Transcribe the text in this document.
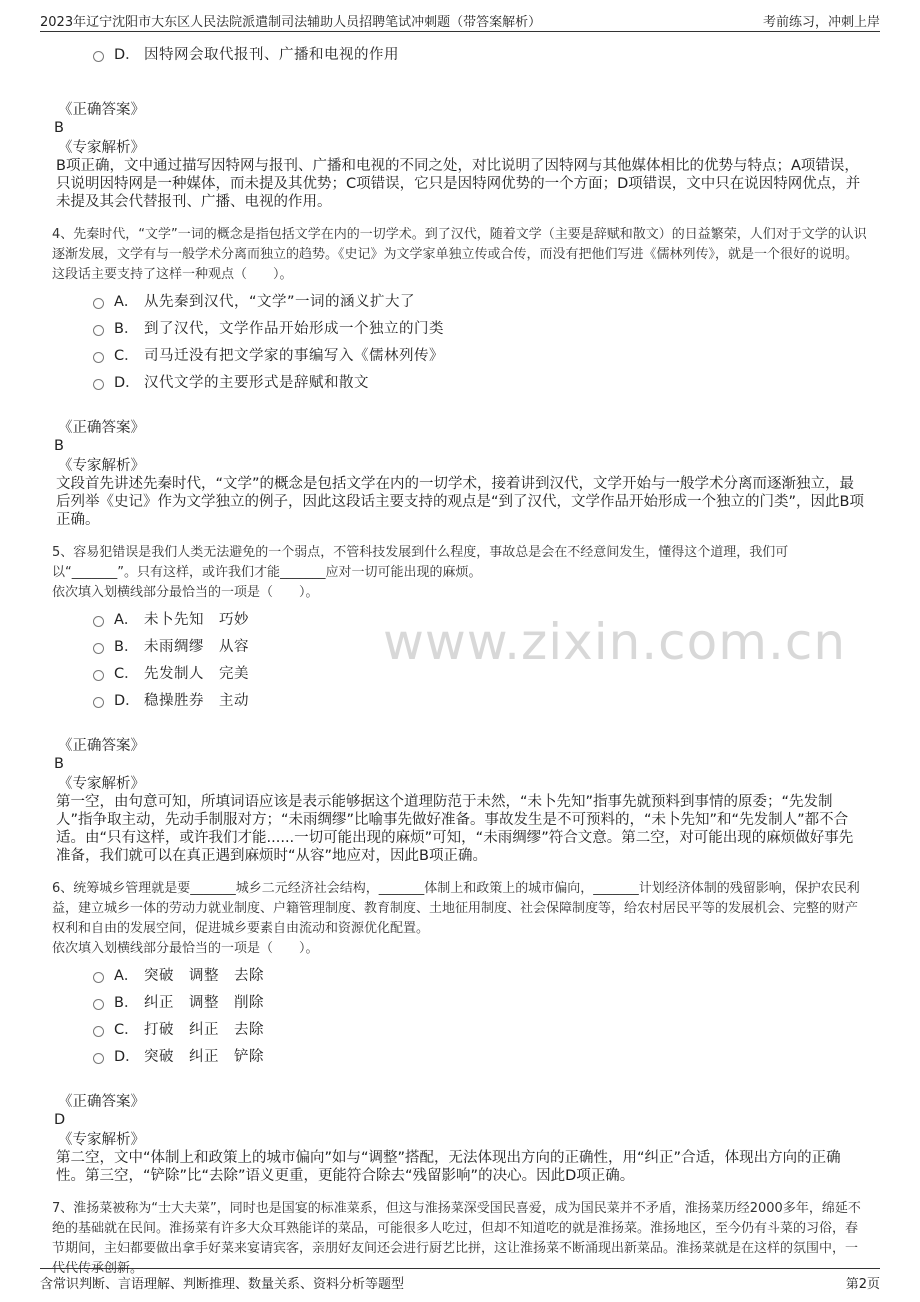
2023年辽宁沈阳市大东区人民法院派遣制司法辅助人员招聘笔试冲刺题（带答案解析）	考前练习，冲刺上岸
www.zixin.com.cn
D． 因特网会取代报刊、广播和电视的作用
《正确答案》
B
《专家解析》
B项正确，文中通过描写因特网与报刊、广播和电视的不同之处，对比说明了因特网与其他媒体相比的优势与特点；A项错误，只说明因特网是一种媒体，而未提及其优势；C项错误，它只是因特网优势的一个方面；D项错误，文中只在说因特网优点，并未提及其会代替报刊、广播、电视的作用。
4、先秦时代，“文学”一词的概念是指包括文学在内的一切学术。到了汉代，随着文学（主要是辞赋和散文）的日益繁荣，人们对于文学的认识逐渐发展，文学有与一般学术分离而独立的趋势。《史记》为文学家单独立传或合传，而没有把他们写进《儒林列传》，就是一个很好的说明。
这段话主要支持了这样一种观点（　　）。
A． 从先秦到汉代，“文学”一词的涵义扩大了
B． 到了汉代，文学作品开始形成一个独立的门类
C． 司马迁没有把文学家的事编写入《儒林列传》
D． 汉代文学的主要形式是辞赋和散文
《正确答案》
B
《专家解析》
文段首先讲述先秦时代，“文学”的概念是包括文学在内的一切学术，接着讲到汉代，文学开始与一般学术分离而逐渐独立，最后列举《史记》作为文学独立的例子，因此这段话主要支持的观点是“到了汉代，文学作品开始形成一个独立的门类”，因此B项正确。
5、容易犯错误是我们人类无法避免的一个弱点，不管科技发展到什么程度，事故总是会在不经意间发生，懂得这个道理，我们可以“_______”。只有这样，或许我们才能_______应对一切可能出现的麻烦。
依次填入划横线部分最恰当的一项是（　　）。
A． 未卜先知　巧妙
B． 未雨绸缪　从容
C． 先发制人　完美
D． 稳操胜券　主动
《正确答案》
B
《专家解析》
第一空，由句意可知，所填词语应该是表示能够据这个道理防范于未然，“未卜先知”指事先就预料到事情的原委；“先发制人”指争取主动，先动手制服对方；“未雨绸缪”比喻事先做好准备。事故发生是不可预料的，“未卜先知”和“先发制人”都不合适。由“只有这样，或许我们才能......一切可能出现的麻烦”可知，“未雨绸缪”符合文意。第二空，对可能出现的麻烦做好事先准备，我们就可以在真正遇到麻烦时“从容”地应对，因此B项正确。
6、统筹城乡管理就是要_______城乡二元经济社会结构，_______体制上和政策上的城市偏向，_______计划经济体制的残留影响，保护农民利益，建立城乡一体的劳动力就业制度、户籍管理制度、教育制度、土地征用制度、社会保障制度等，给农村居民平等的发展机会、完整的财产权利和自由的发展空间，促进城乡要素自由流动和资源优化配置。
依次填入划横线部分最恰当的一项是（　　）。
A． 突破　调整　去除
B． 纠正　调整　削除
C． 打破　纠正　去除
D． 突破　纠正　铲除
《正确答案》
D
《专家解析》
第二空，文中“体制上和政策上的城市偏向”如与“调整”搭配，无法体现出方向的正确性，用“纠正”合适，体现出方向的正确性。第三空，“铲除”比“去除”语义更重，更能符合除去“残留影响”的决心。因此D项正确。
7、淮扬菜被称为“士大夫菜”，同时也是国宴的标准菜系，但这与淮扬菜深受国民喜爱，成为国民菜并不矛盾，淮扬菜历经2000多年，绵延不绝的基础就在民间。淮扬菜有许多大众耳熟能详的菜品，可能很多人吃过，但却不知道吃的就是淮扬菜。淮扬地区，至今仍有斗菜的习俗，春节期间，主妇都要做出拿手好菜来宴请宾客，亲朋好友间还会进行厨艺比拼，这让淮扬菜不断涌现出新菜品。淮扬菜就是在这样的氛围中，一代代传承创新。
含常识判断、言语理解、判断推理、数量关系、资料分析等题型	第2页
